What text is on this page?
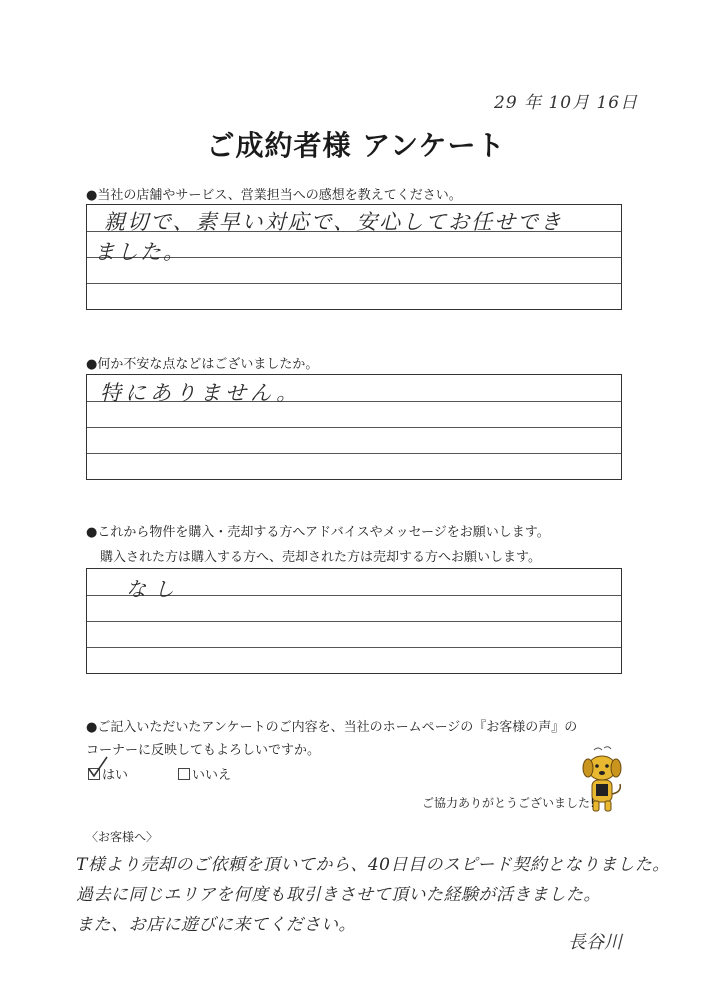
29 年 10月 16日
ご成約者様 アンケート
●当社の店舗やサービス、営業担当への感想を教えてください。
親切で、素早い対応で、安心してお任せでき
ました。
●何か不安な点などはございましたか。
特にありません。
●これから物件を購入・売却する方へアドバイスやメッセージをお願いします。
購入された方は購入する方へ、売却された方は売却する方へお願いします。
なし
●ご記入いただいたアンケートのご内容を、当社のホームページの『お客様の声』の
コーナーに反映してもよろしいですか。
はい	いいえ
ご協力ありがとうございました!
〈お客様へ〉
T様より売却のご依頼を頂いてから、40日目のスピード契約となりました。
過去に同じエリアを何度も取引きさせて頂いた経験が活きました。
また、お店に遊びに来てください。
長谷川
